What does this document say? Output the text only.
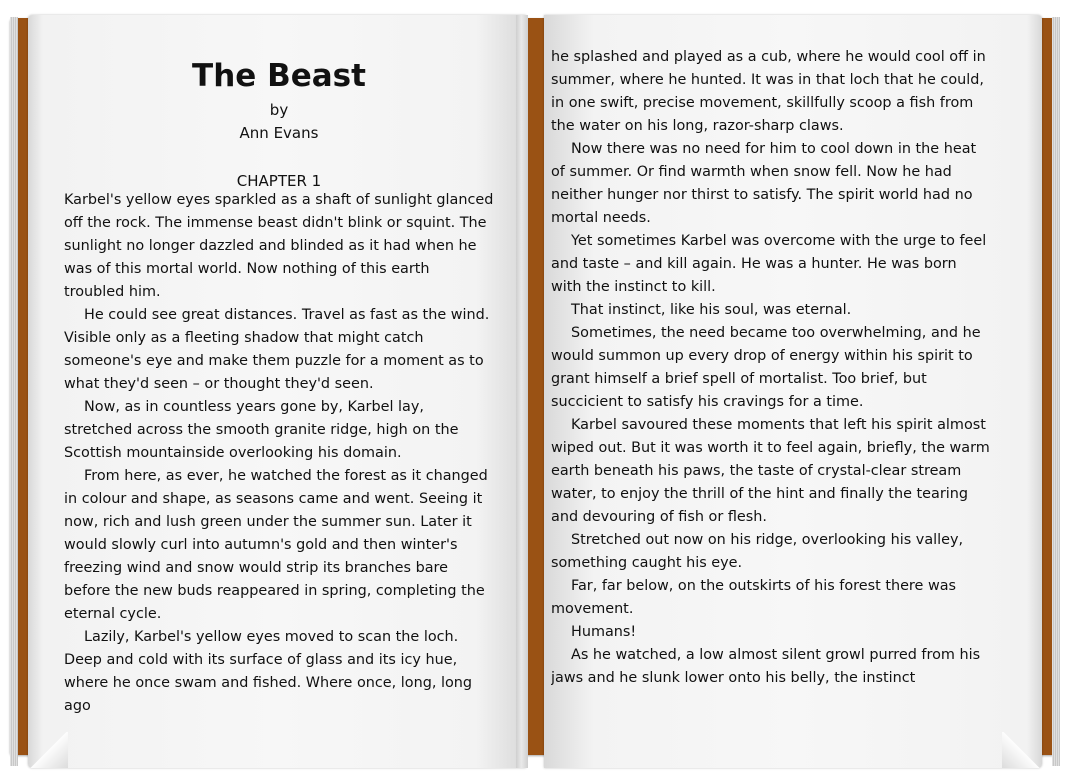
The Beast
by
Ann Evans
CHAPTER 1

Karbel's yellow eyes sparkled as a shaft of sunlight glanced off the rock. The immense beast didn't blink or squint. The sunlight no longer dazzled and blinded as it had when he was of this mortal world. Now nothing of this earth troubled him.

He could see great distances. Travel as fast as the wind. Visible only as a fleeting shadow that might catch someone's eye and make them puzzle for a moment as to what they'd seen – or thought they'd seen.

Now, as in countless years gone by, Karbel lay, stretched across the smooth granite ridge, high on the Scottish mountainside overlooking his domain.

From here, as ever, he watched the forest as it changed in colour and shape, as seasons came and went. Seeing it now, rich and lush green under the summer sun. Later it would slowly curl into autumn's gold and then winter's freezing wind and snow would strip its branches bare before the new buds reappeared in spring, completing the eternal cycle.

Lazily, Karbel's yellow eyes moved to scan the loch. Deep and cold with its surface of glass and its icy hue, where he once swam and fished. Where once, long, long ago

he splashed and played as a cub, where he would cool off in summer, where he hunted. It was in that loch that he could, in one swift, precise movement, skillfully scoop a fish from the water on his long, razor-sharp claws.

Now there was no need for him to cool down in the heat of summer. Or find warmth when snow fell. Now he had neither hunger nor thirst to satisfy. The spirit world had no mortal needs.

Yet sometimes Karbel was overcome with the urge to feel and taste – and kill again. He was a hunter. He was born with the instinct to kill.

That instinct, like his soul, was eternal.

Sometimes, the need became too overwhelming, and he would summon up every drop of energy within his spirit to grant himself a brief spell of mortalist. Too brief, but succicient to satisfy his cravings for a time.

Karbel savoured these moments that left his spirit almost wiped out. But it was worth it to feel again, briefly, the warm earth beneath his paws, the taste of crystal-clear stream water, to enjoy the thrill of the hint and finally the tearing and devouring of fish or flesh.

Stretched out now on his ridge, overlooking his valley, something caught his eye.

Far, far below, on the outskirts of his forest there was movement.

Humans!

As he watched, a low almost silent growl purred from his jaws and he slunk lower onto his belly, the instinct
